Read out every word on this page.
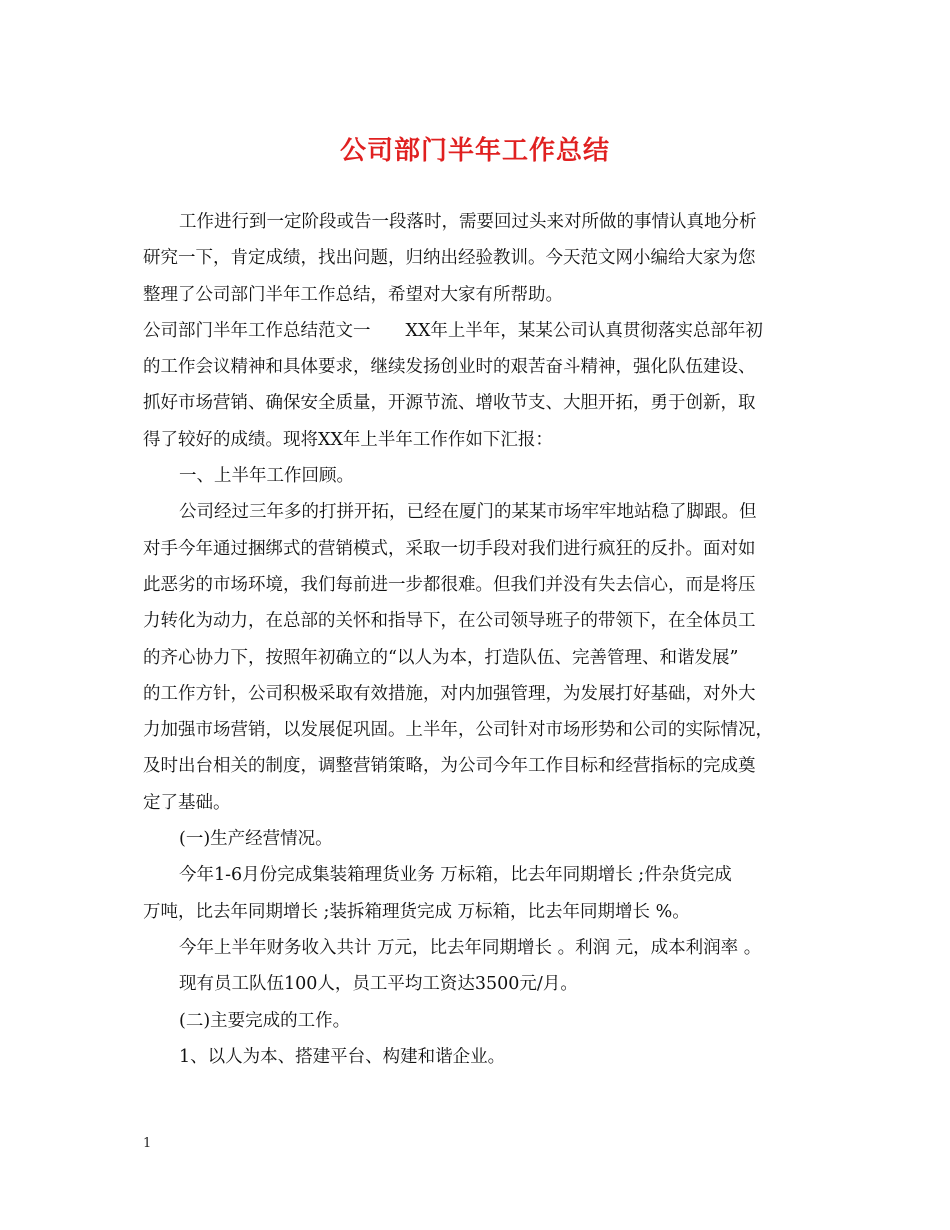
公司部门半年工作总结
工作进行到一定阶段或告一段落时，需要回过头来对所做的事情认真地分析
研究一下，肯定成绩，找出问题，归纳出经验教训。今天范文网小编给大家为您
整理了公司部门半年工作总结，希望对大家有所帮助。
公司部门半年工作总结范文一　　XX年上半年，某某公司认真贯彻落实总部年初
的工作会议精神和具体要求，继续发扬创业时的艰苦奋斗精神，强化队伍建设、
抓好市场营销、确保安全质量，开源节流、增收节支、大胆开拓，勇于创新，取
得了较好的成绩。现将XX年上半年工作作如下汇报：
一、上半年工作回顾。
公司经过三年多的打拼开拓，已经在厦门的某某市场牢牢地站稳了脚跟。但
对手今年通过捆绑式的营销模式，采取一切手段对我们进行疯狂的反扑。面对如
此恶劣的市场环境，我们每前进一步都很难。但我们并没有失去信心，而是将压
力转化为动力，在总部的关怀和指导下，在公司领导班子的带领下，在全体员工
的齐心协力下，按照年初确立的“以人为本，打造队伍、完善管理、和谐发展”
的工作方针，公司积极采取有效措施，对内加强管理，为发展打好基础，对外大
力加强市场营销，以发展促巩固。上半年，公司针对市场形势和公司的实际情况，
及时出台相关的制度，调整营销策略，为公司今年工作目标和经营指标的完成奠
定了基础。
(一)生产经营情况。
今年1-6月份完成集装箱理货业务 万标箱，比去年同期增长 ;件杂货完成
万吨，比去年同期增长 ;装拆箱理货完成 万标箱，比去年同期增长 %。
今年上半年财务收入共计 万元，比去年同期增长 。利润 元，成本利润率 。
现有员工队伍100人，员工平均工资达3500元/月。
(二)主要完成的工作。
1、以人为本、搭建平台、构建和谐企业。
1
